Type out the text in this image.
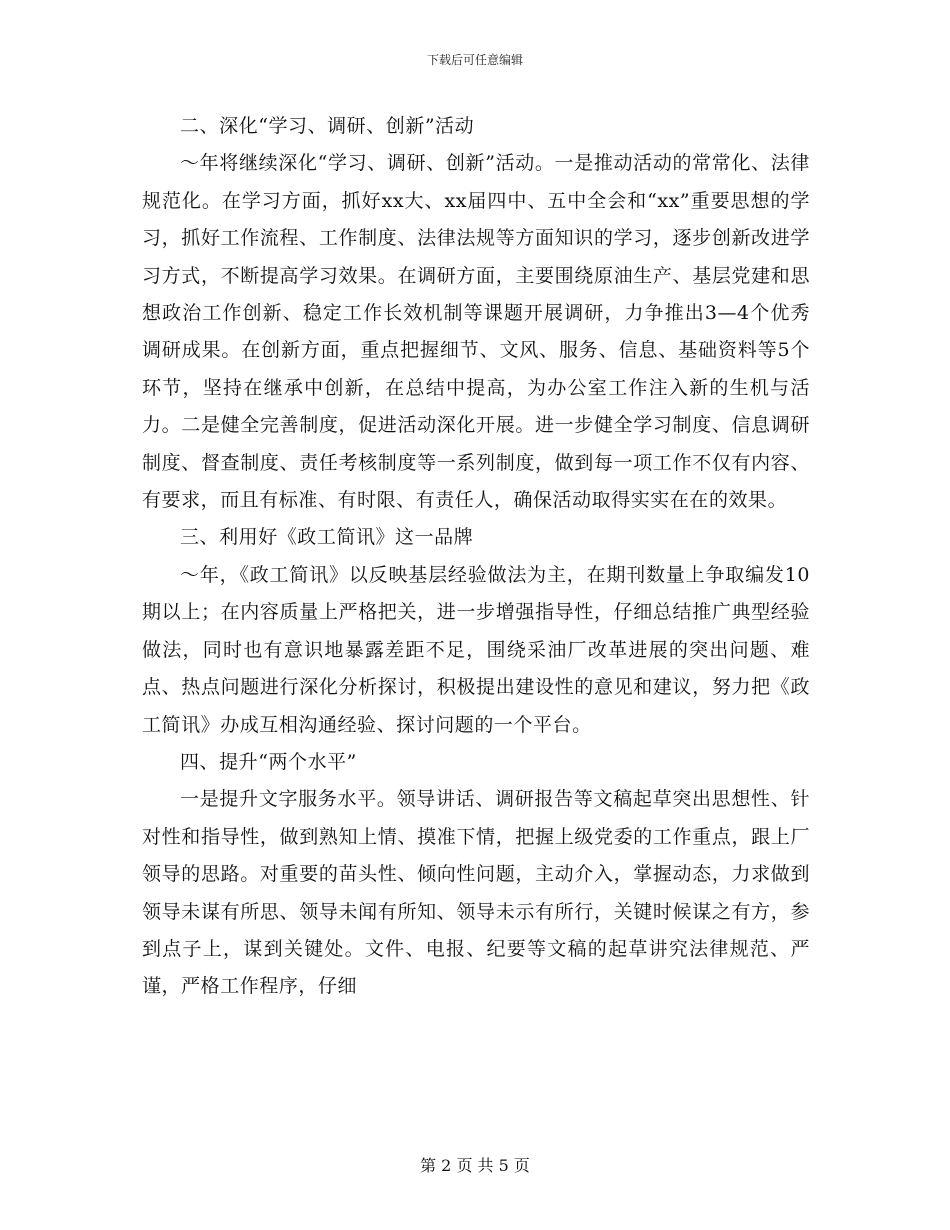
下载后可任意编辑

二、深化“学习、调研、创新”活动

～年将继续深化“学习、调研、创新”活动。一是推动活动的常常化、法律规范化。在学习方面，抓好xx大、xx届四中、五中全会和“xx”重要思想的学习，抓好工作流程、工作制度、法律法规等方面知识的学习，逐步创新改进学习方式，不断提高学习效果。在调研方面，主要围绕原油生产、基层党建和思想政治工作创新、稳定工作长效机制等课题开展调研，力争推出3—4个优秀调研成果。在创新方面，重点把握细节、文风、服务、信息、基础资料等5个环节，坚持在继承中创新，在总结中提高，为办公室工作注入新的生机与活力。二是健全完善制度，促进活动深化开展。进一步健全学习制度、信息调研制度、督查制度、责任考核制度等一系列制度，做到每一项工作不仅有内容、有要求，而且有标准、有时限、有责任人，确保活动取得实实在在的效果。

三、利用好《政工简讯》这一品牌

～年，《政工简讯》以反映基层经验做法为主，在期刊数量上争取编发10期以上；在内容质量上严格把关，进一步增强指导性，仔细总结推广典型经验做法，同时也有意识地暴露差距不足，围绕采油厂改革进展的突出问题、难点、热点问题进行深化分析探讨，积极提出建设性的意见和建议，努力把《政工简讯》办成互相沟通经验、探讨问题的一个平台。

四、提升“两个水平”

一是提升文字服务水平。领导讲话、调研报告等文稿起草突出思想性、针对性和指导性，做到熟知上情、摸准下情，把握上级党委的工作重点，跟上厂领导的思路。对重要的苗头性、倾向性问题，主动介入，掌握动态，力求做到领导未谋有所思、领导未闻有所知、领导未示有所行，关键时候谋之有方，参到点子上，谋到关键处。文件、电报、纪要等文稿的起草讲究法律规范、严谨，严格工作程序，仔细

第 2 页 共 5 页
